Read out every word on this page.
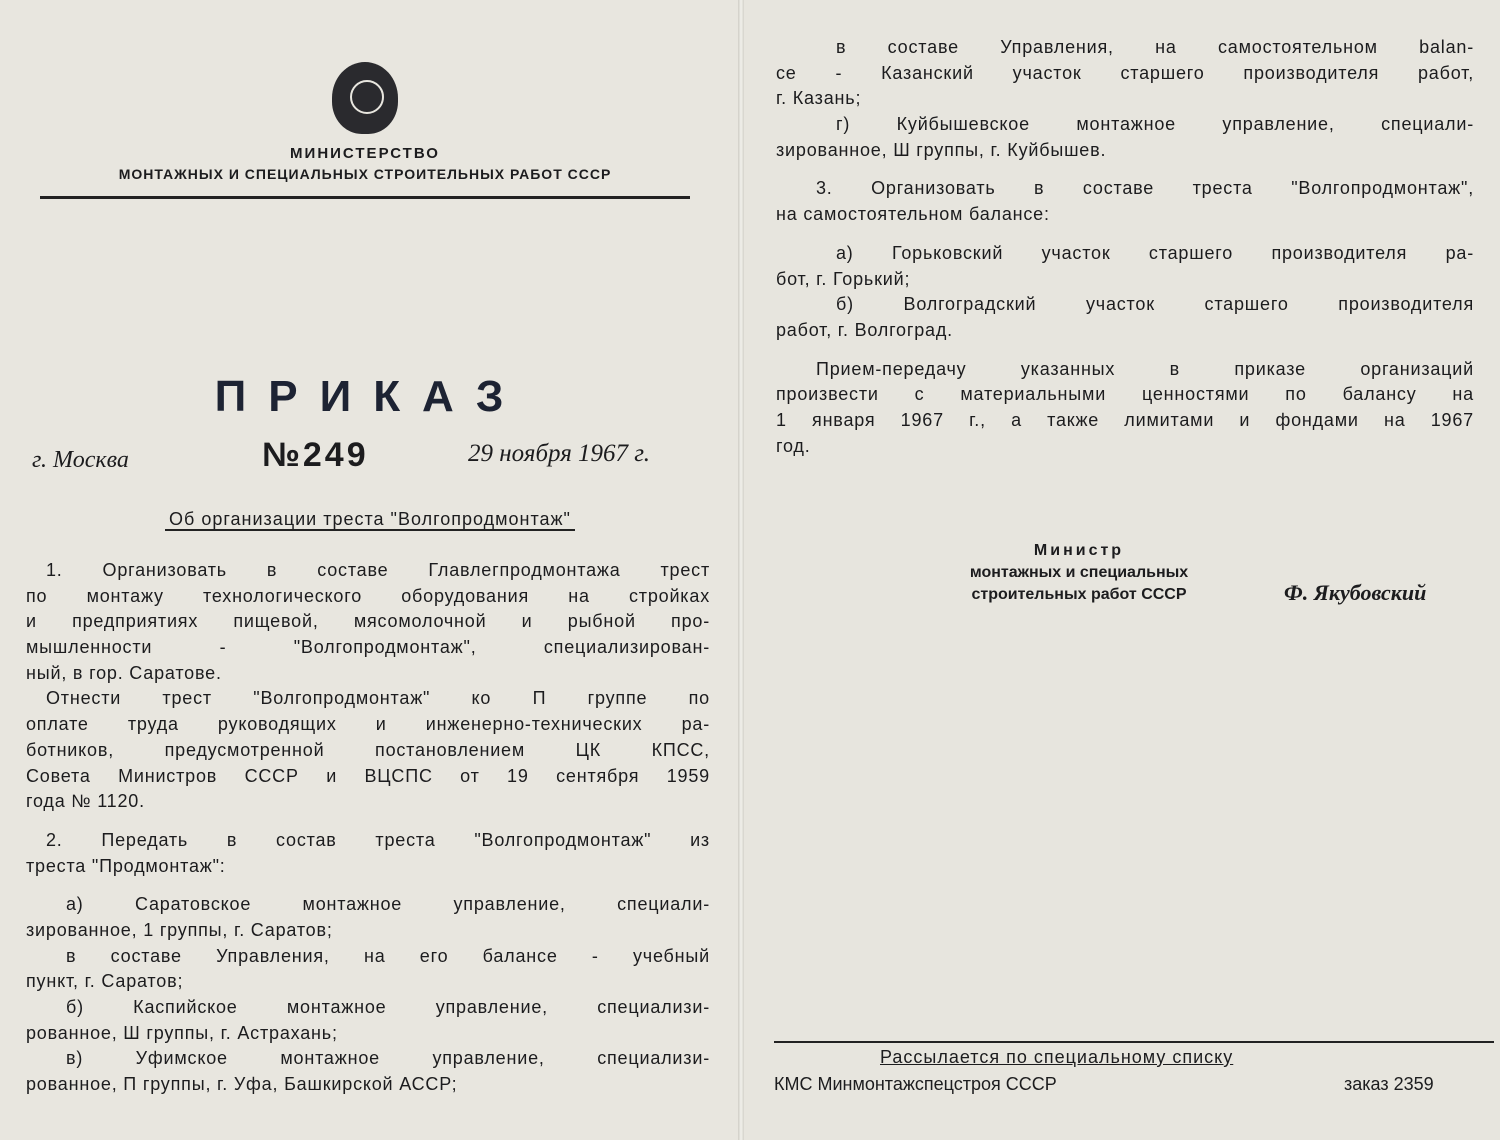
МИНИСТЕРСТВО
МОНТАЖНЫХ И СПЕЦИАЛЬНЫХ СТРОИТЕЛЬНЫХ РАБОТ СССР
ПРИКАЗ
г. Москва	№249	29 ноября 1967 г.
Об организации треста "Волгопродмонтаж"
1. Организовать в составе Главлегпродмонтажа трест
по монтажу технологического оборудования на стройках
и предприятиях пищевой, мясомолочной и рыбной про-
мышленности - "Волгопродмонтаж", специализирован-
ный, в гор. Саратове.
Отнести трест "Волгопродмонтаж" ко П группе по
оплате труда руководящих и инженерно-технических ра-
ботников, предусмотренной постановлением ЦК КПСС,
Совета Министров СССР и ВЦСПС от 19 сентября 1959
года № 1120.
2. Передать в состав треста "Волгопродмонтаж" из
треста "Продмонтаж":
а) Саратовское монтажное управление, специали-
зированное, 1 группы, г. Саратов;
в составе Управления, на его балансе - учебный
пункт, г. Саратов;
б) Каспийское монтажное управление, специализи-
рованное, Ш группы, г. Астрахань;
в) Уфимское монтажное управление, специализи-
рованное, П группы, г. Уфа, Башкирской АССР;
в составе Управления, на самостоятельном balan-
се - Казанский участок старшего производителя работ,
г. Казань;
г) Куйбышевское монтажное управление, специали-
зированное, Ш группы, г. Куйбышев.
3. Организовать в составе треста "Волгопродмонтаж",
на самостоятельном балансе:
а) Горьковский участок старшего производителя ра-
бот, г. Горький;
б) Волгоградский участок старшего производителя
работ, г. Волгоград.
Прием-передачу указанных в приказе организаций
произвести с материальными ценностями по балансу на
1 января 1967 г., а также лимитами и фондами на 1967
год.
Министр
монтажных и специальных
строительных работ СССР	Ф. Якубовский
Рассылается по специальному списку
КМС Минмонтажспецстроя СССР	заказ 2359
